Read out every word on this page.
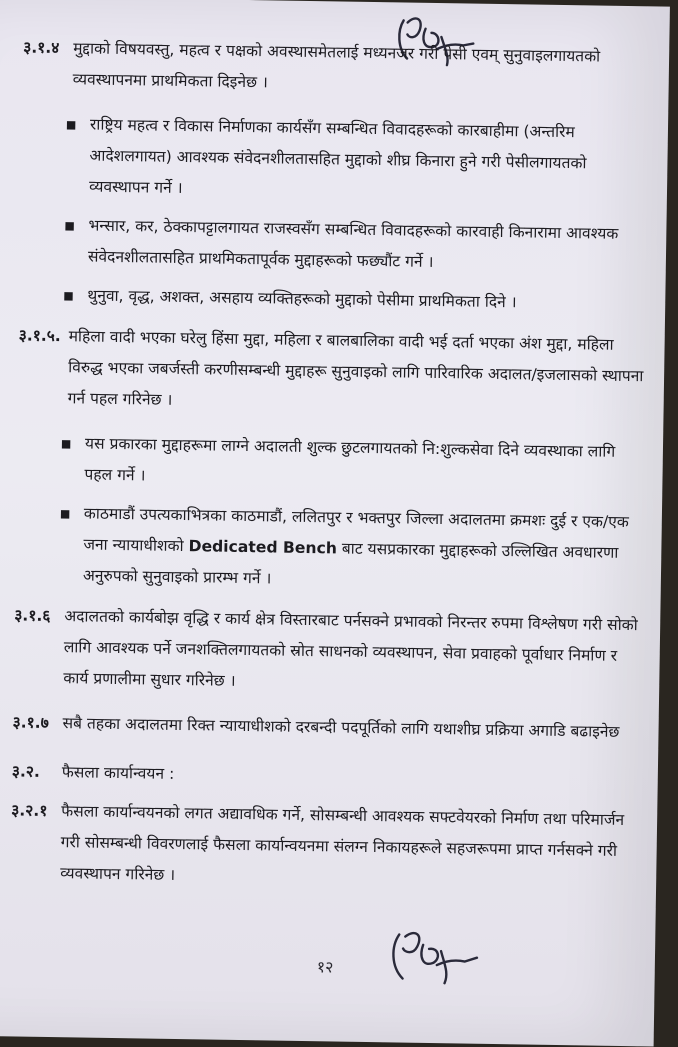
३.१.४ मुद्दाको विषयवस्तु, महत्व र पक्षको अवस्थासमेतलाई मध्यनजर गरी पेसी एवम् सुनुवाइलगायतको व्यवस्थापनमा प्राथमिकता दिइनेछ ।
■ राष्ट्रिय महत्व र विकास निर्माणका कार्यसँग सम्बन्धित विवादहरूको कारबाहीमा (अन्तरिम आदेशलगायत) आवश्यक संवेदनशीलतासहित मुद्दाको शीघ्र किनारा हुने गरी पेसीलगायतको व्यवस्थापन गर्ने ।
■ भन्सार, कर, ठेक्कापट्टालगायत राजस्वसँग सम्बन्धित विवादहरूको कारवाही किनारामा आवश्यक संवेदनशीलतासहित प्राथमिकतापूर्वक मुद्दाहरूको फछ्यौंट गर्ने ।
■ थुनुवा, वृद्ध, अशक्त, असहाय व्यक्तिहरूको मुद्दाको पेसीमा प्राथमिकता दिने ।
३.१.५. महिला वादी भएका घरेलु हिंसा मुद्दा, महिला र बालबालिका वादी भई दर्ता भएका अंश मुद्दा, महिला विरुद्ध भएका जबर्जस्ती करणीसम्बन्धी मुद्दाहरू सुनुवाइको लागि पारिवारिक अदालत/इजलासको स्थापना गर्न पहल गरिनेछ ।
■ यस प्रकारका मुद्दाहरूमा लाग्ने अदालती शुल्क छुटलगायतको नि:शुल्कसेवा दिने व्यवस्थाका लागि पहल गर्ने ।
■ काठमाडौं उपत्यकाभित्रका काठमाडौं, ललितपुर र भक्तपुर जिल्ला अदालतमा क्रमशः दुई र एक/एक जना न्यायाधीशको Dedicated Bench बाट यसप्रकारका मुद्दाहरूको उल्लिखित अवधारणा अनुरुपको सुनुवाइको प्रारम्भ गर्ने ।
३.१.६ अदालतको कार्यबोझ वृद्धि र कार्य क्षेत्र विस्तारबाट पर्नसक्ने प्रभावको निरन्तर रुपमा विश्लेषण गरी सोको लागि आवश्यक पर्ने जनशक्तिलगायतको स्रोत साधनको व्यवस्थापन, सेवा प्रवाहको पूर्वाधार निर्माण र कार्य प्रणालीमा सुधार गरिनेछ ।
३.१.७ सबै तहका अदालतमा रिक्त न्यायाधीशको दरबन्दी पदपूर्तिको लागि यथाशीघ्र प्रक्रिया अगाडि बढाइनेछ
३.२.	फैसला कार्यान्वयन :
३.२.१ फैसला कार्यान्वयनको लगत अद्यावधिक गर्ने, सोसम्बन्धी आवश्यक सफ्टवेयरको निर्माण तथा परिमार्जन गरी सोसम्बन्धी विवरणलाई फैसला कार्यान्वयनमा संलग्न निकायहरूले सहजरूपमा प्राप्त गर्नसक्ने गरी व्यवस्थापन गरिनेछ ।
१२
